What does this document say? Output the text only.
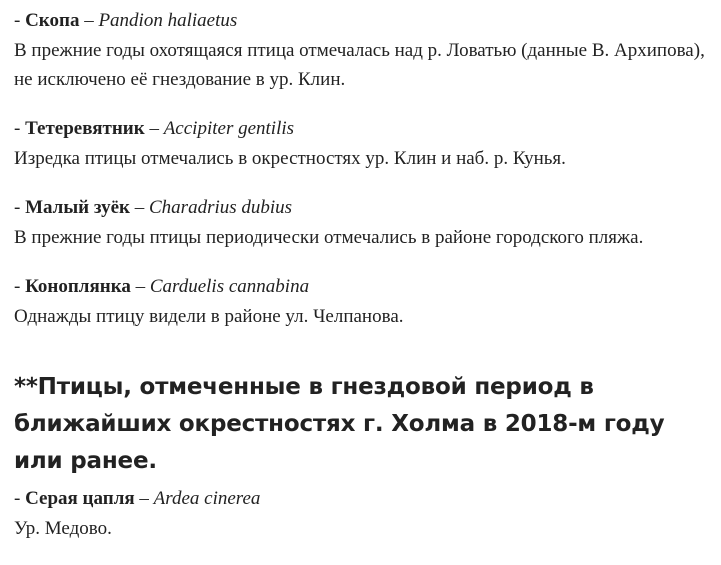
- Скопа – Pandion haliaetus
В прежние годы охотящаяся птица отмечалась над р. Ловатью (данные В. Архипова), не исключено её гнездование в ур. Клин.
- Тетеревятник – Accipiter gentilis
Изредка птицы отмечались в окрестностях ур. Клин и наб. р. Кунья.
- Малый зуёк – Charadrius dubius
В прежние годы птицы периодически отмечались в районе городского пляжа.
- Коноплянка – Carduelis cannabina
Однажды птицу видели в районе ул. Челпанова.
**Птицы, отмеченные в гнездовой период в ближайших окрестностях г. Холма в 2018-м году или ранее.
- Серая цапля – Ardea cinerea
Ур. Медово.
